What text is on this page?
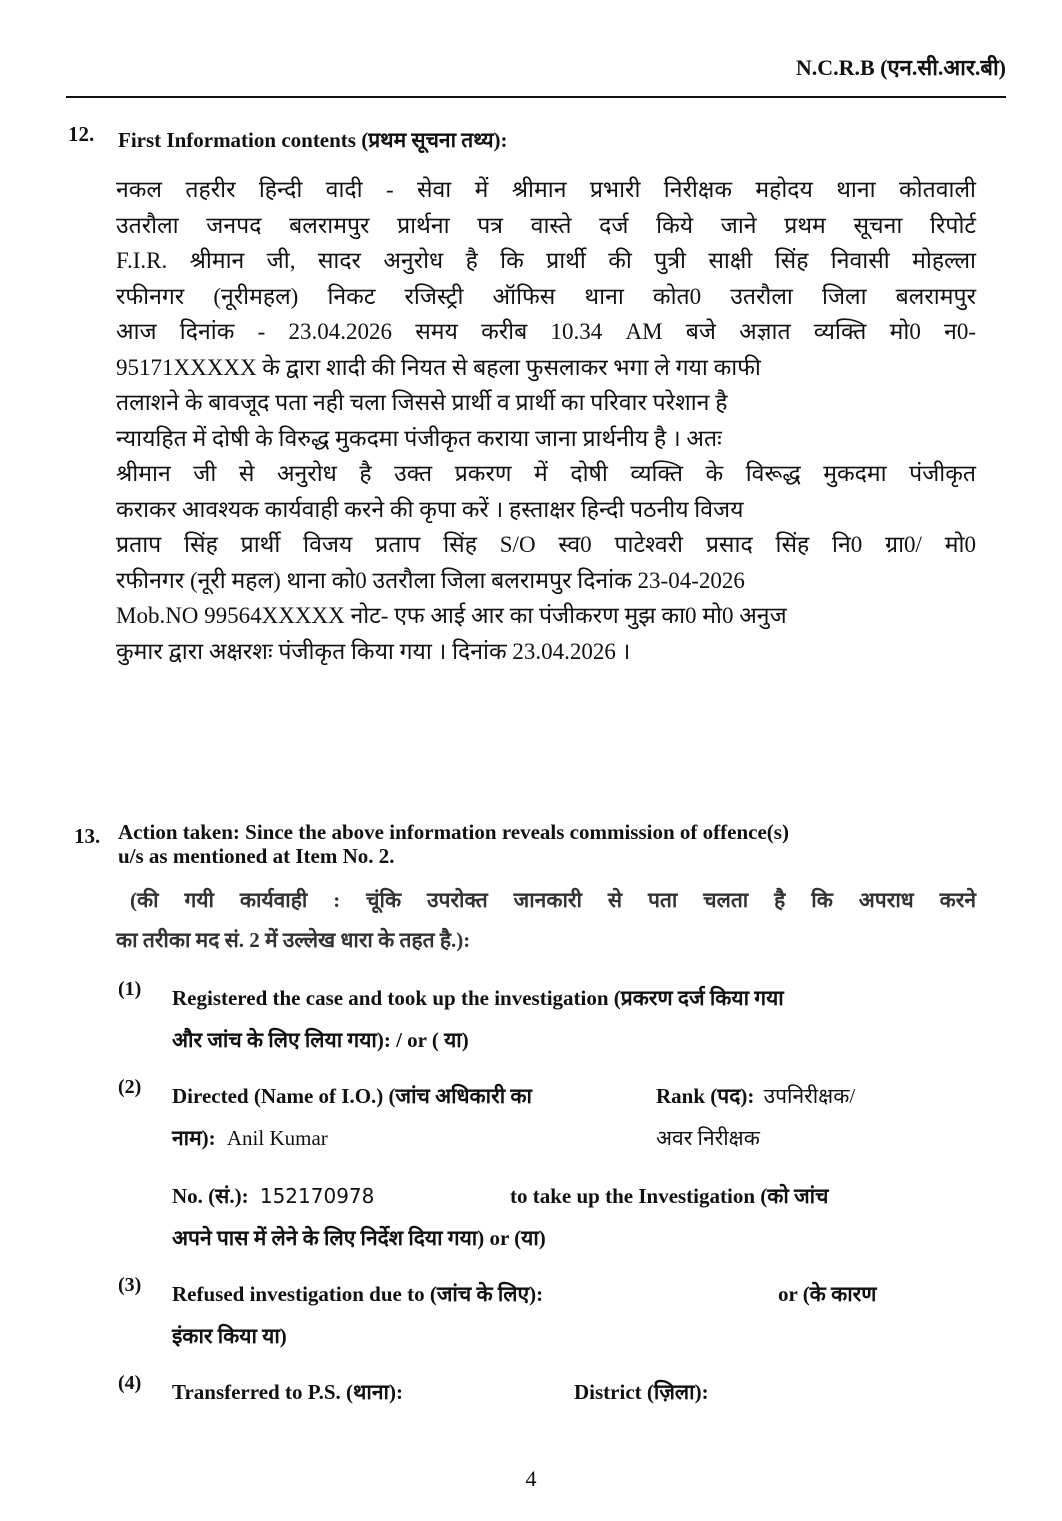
N.C.R.B (एन.सी.आर.बी)
12. First Information contents (प्रथम सूचना तथ्य):
नकल तहरीर हिन्दी वादी - सेवा में श्रीमान प्रभारी निरीक्षक महोदय थाना कोतवाली
उतरौला जनपद बलरामपुर प्रार्थना पत्र वास्ते दर्ज किये जाने प्रथम सूचना रिपोर्ट
F.I.R. श्रीमान जी, सादर अनुरोध है कि प्रार्थी की पुत्री साक्षी सिंह निवासी मोहल्ला
रफीनगर (नूरीमहल) निकट रजिस्ट्री ऑफिस थाना कोत0 उतरौला जिला बलरामपुर
आज दिनांक - 23.04.2026 समय करीब 10.34 AM बजे अज्ञात व्यक्ति मो0 न0-
95171XXXXX के द्वारा शादी की नियत से बहला फुसलाकर भगा ले गया काफी
तलाशने के बावजूद पता नही चला जिससे प्रार्थी व प्रार्थी का परिवार परेशान है
न्यायहित में दोषी के विरुद्ध मुकदमा पंजीकृत कराया जाना प्रार्थनीय है । अतः
श्रीमान जी से अनुरोध है उक्त प्रकरण में दोषी व्यक्ति के विरूद्ध मुकदमा पंजीकृत
कराकर आवश्यक कार्यवाही करने की कृपा करें । हस्ताक्षर हिन्दी पठनीय विजय
प्रताप सिंह प्रार्थी विजय प्रताप सिंह S/O स्व0 पाटेश्वरी प्रसाद सिंह नि0 ग्रा0/ मो0
रफीनगर (नूरी महल) थाना को0 उतरौला जिला बलरामपुर दिनांक 23-04-2026
Mob.NO 99564XXXXX नोट- एफ आई आर का पंजीकरण मुझ का0 मो0 अनुज
कुमार द्वारा अक्षरशः पंजीकृत किया गया । दिनांक 23.04.2026 ।
13. Action taken: Since the above information reveals commission of offence(s)
u/s as mentioned at Item No. 2.
(की गयी कार्यवाही : चूंकि उपरोक्त जानकारी से पता चलता है कि अपराध करने
का तरीका मद सं. 2 में उल्लेख धारा के तहत है.):
(1) Registered the case and took up the investigation (प्रकरण दर्ज किया गया
और जांच के लिए लिया गया): / or ( या)
(2) Directed (Name of I.O.) (जांच अधिकारी का
नाम): Anil Kumar
Rank (पद): उपनिरीक्षक/
अवर निरीक्षक
No. (सं.): 152170978	to take up the Investigation (को जांच
अपने पास में लेने के लिए निर्देश दिया गया) or (या)
(3) Refused investigation due to (जांच के लिए):	or (के कारण
इंकार किया या)
(4) Transferred to P.S. (थाना):	District (ज़िला):
4
